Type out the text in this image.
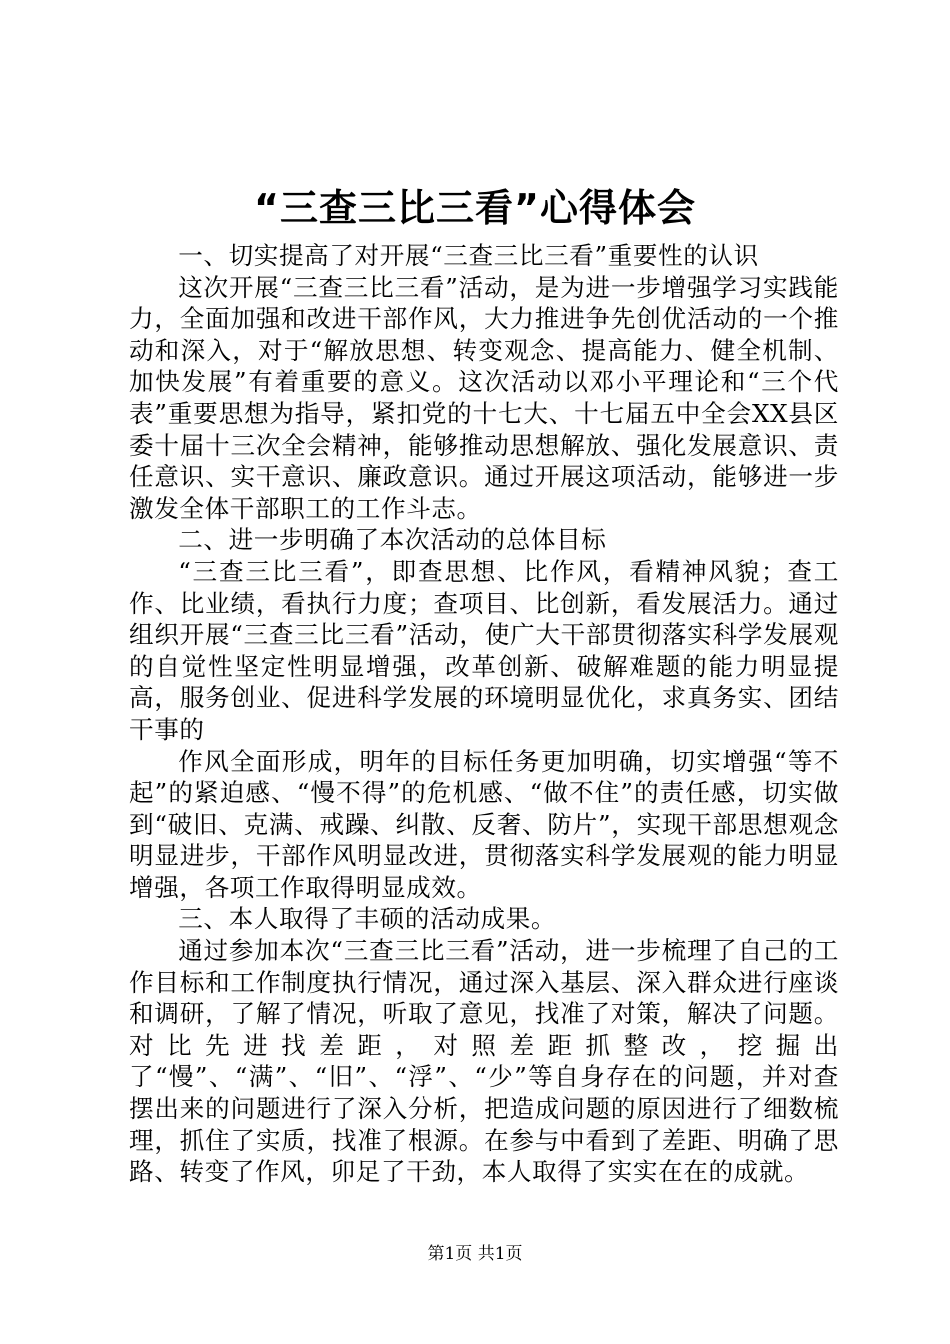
“三查三比三看”心得体会

一、切实提高了对开展“三查三比三看”重要性的认识

这次开展“三查三比三看”活动，是为进一步增强学习实践能力，全面加强和改进干部作风，大力推进争先创优活动的一个推动和深入，对于“解放思想、转变观念、提高能力、健全机制、加快发展”有着重要的意义。这次活动以邓小平理论和“三个代表”重要思想为指导，紧扣党的十七大、十七届五中全会XX县区委十届十三次全会精神，能够推动思想解放、强化发展意识、责任意识、实干意识、廉政意识。通过开展这项活动，能够进一步激发全体干部职工的工作斗志。

二、进一步明确了本次活动的总体目标

“三查三比三看”，即查思想、比作风，看精神风貌；查工作、比业绩，看执行力度；查项目、比创新，看发展活力。通过组织开展“三查三比三看”活动，使广大干部贯彻落实科学发展观的自觉性坚定性明显增强，改革创新、破解难题的能力明显提高，服务创业、促进科学发展的环境明显优化，求真务实、团结干事的

作风全面形成，明年的目标任务更加明确，切实增强“等不起”的紧迫感、“慢不得”的危机感、“做不住”的责任感，切实做到“破旧、克满、戒躁、纠散、反奢、防片”，实现干部思想观念明显进步，干部作风明显改进，贯彻落实科学发展观的能力明显增强，各项工作取得明显成效。

三、本人取得了丰硕的活动成果。

通过参加本次“三查三比三看”活动，进一步梳理了自己的工作目标和工作制度执行情况，通过深入基层、深入群众进行座谈和调研，了解了情况，听取了意见，找准了对策，解决了问题。对比先进找差距，对照差距抓整改，挖掘出了“慢”、“满”、“旧”、“浮”、“少”等自身存在的问题，并对查摆出来的问题进行了深入分析，把造成问题的原因进行了细数梳理，抓住了实质，找准了根源。在参与中看到了差距、明确了思路、转变了作风，卯足了干劲，本人取得了实实在在的成就。

第1页 共1页
